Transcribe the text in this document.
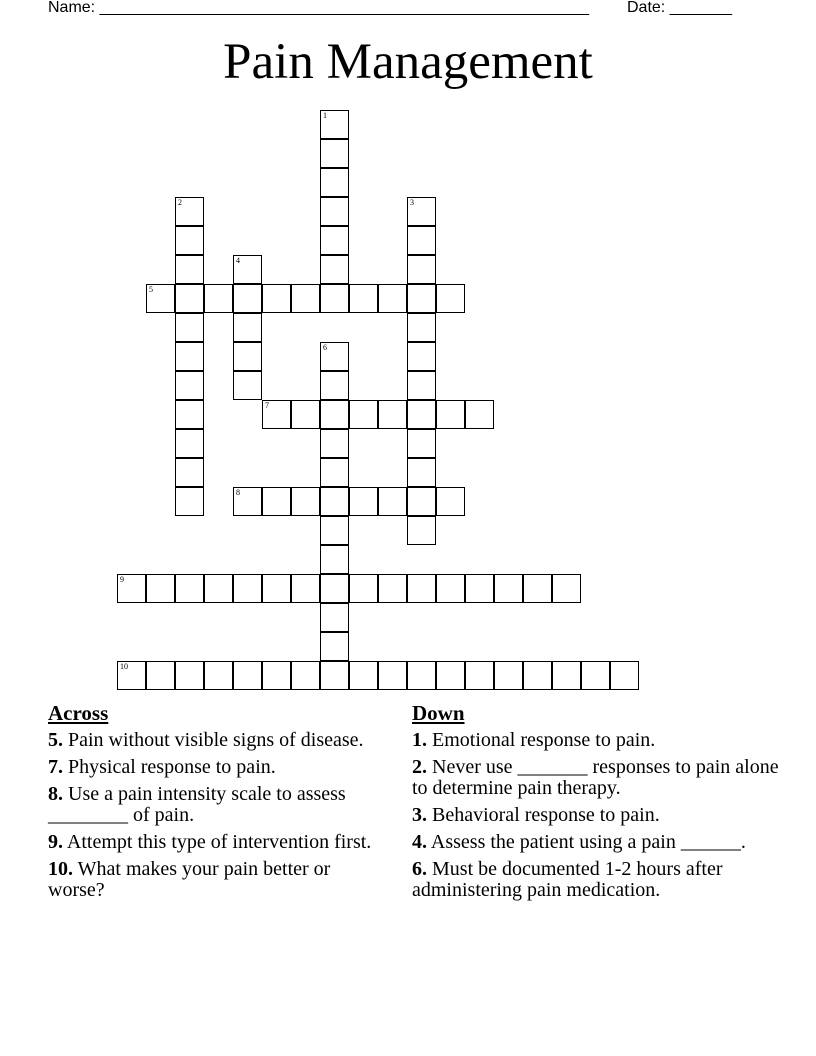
Name: _______________________________________________________ Date: _______
Pain Management
1
2	3
4
5
6
7
8
9
10
Across
5. Pain without visible signs of disease.
7. Physical response to pain.
8. Use a pain intensity scale to assess ________ of pain.
9. Attempt this type of intervention first.
10. What makes your pain better or worse?
Down
1. Emotional response to pain.
2. Never use _______ responses to pain alone to determine pain therapy.
3. Behavioral response to pain.
4. Assess the patient using a pain ______.
6. Must be documented 1-2 hours after administering pain medication.
